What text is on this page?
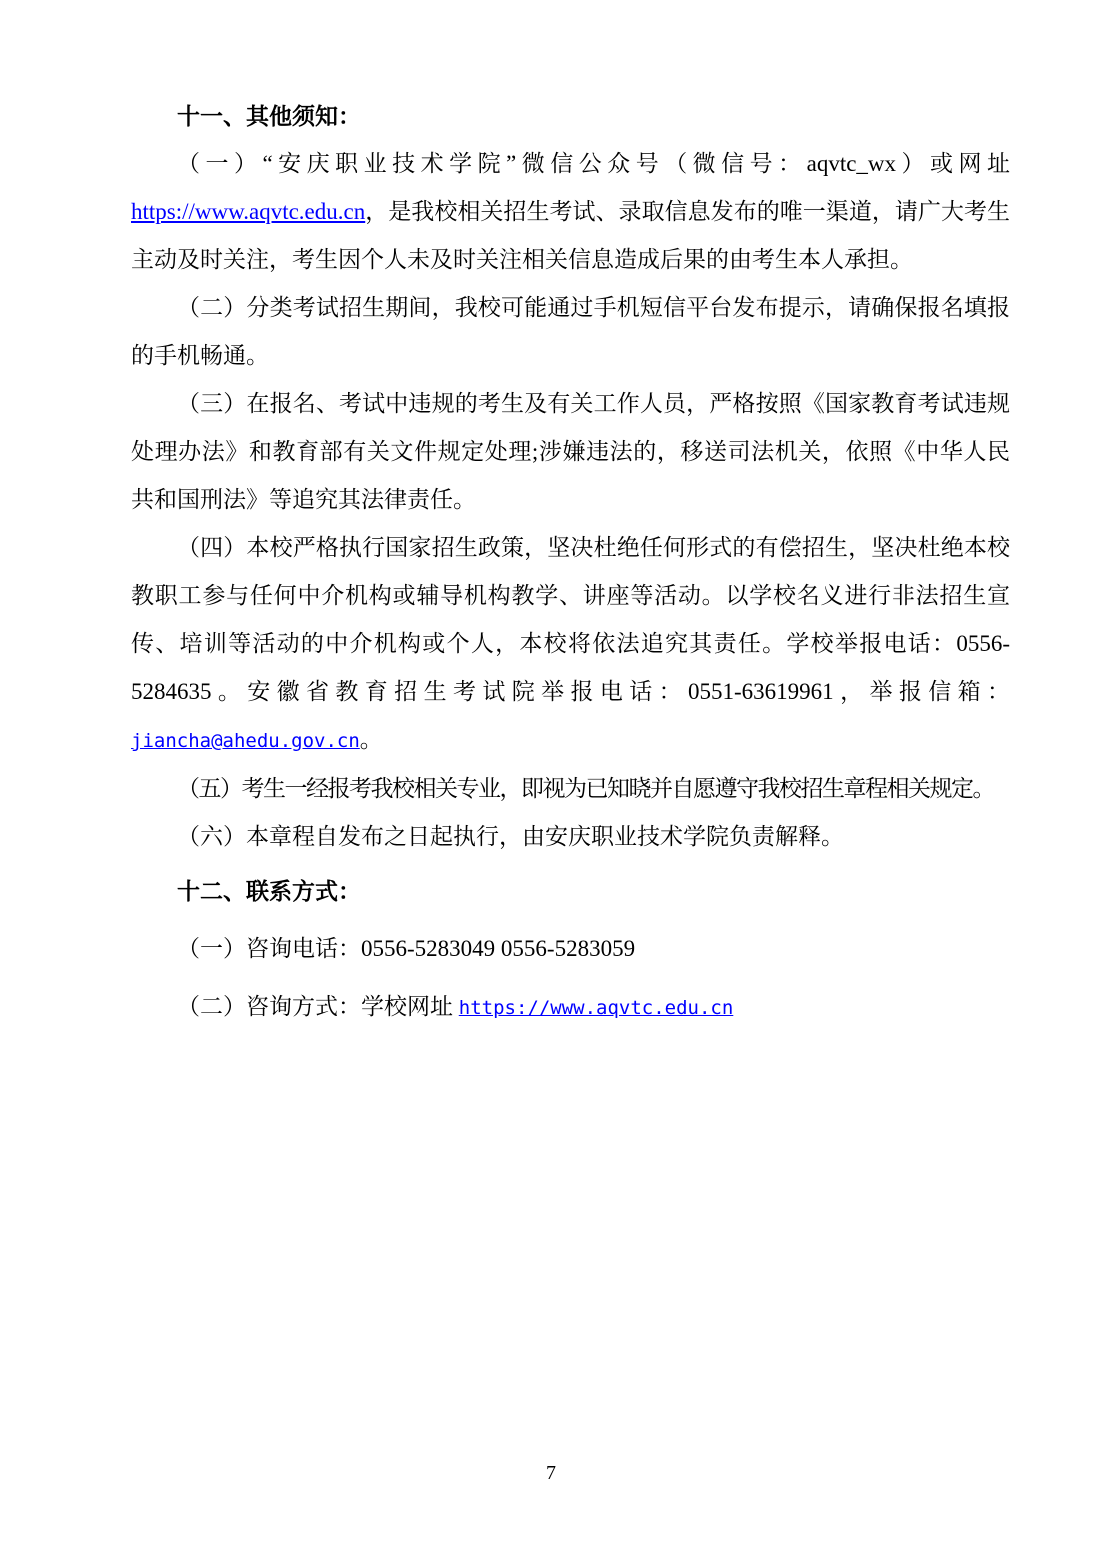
十一、其他须知：

（一）“安庆职业技术学院”微信公众号（微信号：aqvtc_wx）或网址https://www.aqvtc.edu.cn，是我校相关招生考试、录取信息发布的唯一渠道，请广大考生主动及时关注，考生因个人未及时关注相关信息造成后果的由考生本人承担。

（二）分类考试招生期间，我校可能通过手机短信平台发布提示，请确保报名填报的手机畅通。

（三）在报名、考试中违规的考生及有关工作人员，严格按照《国家教育考试违规处理办法》和教育部有关文件规定处理;涉嫌违法的，移送司法机关，依照《中华人民共和国刑法》等追究其法律责任。

（四）本校严格执行国家招生政策，坚决杜绝任何形式的有偿招生，坚决杜绝本校教职工参与任何中介机构或辅导机构教学、讲座等活动。以学校名义进行非法招生宣传、培训等活动的中介机构或个人，本校将依法追究其责任。学校举报电话：0556-5284635。安徽省教育招生考试院举报电话：0551-63619961，举报信箱：jiancha@ahedu.gov.cn。

（五）考生一经报考我校相关专业，即视为已知晓并自愿遵守我校招生章程相关规定。

（六）本章程自发布之日起执行，由安庆职业技术学院负责解释。

十二、联系方式：

（一）咨询电话：0556-5283049 0556-5283059

（二）咨询方式：学校网址 https://www.aqvtc.edu.cn

7
